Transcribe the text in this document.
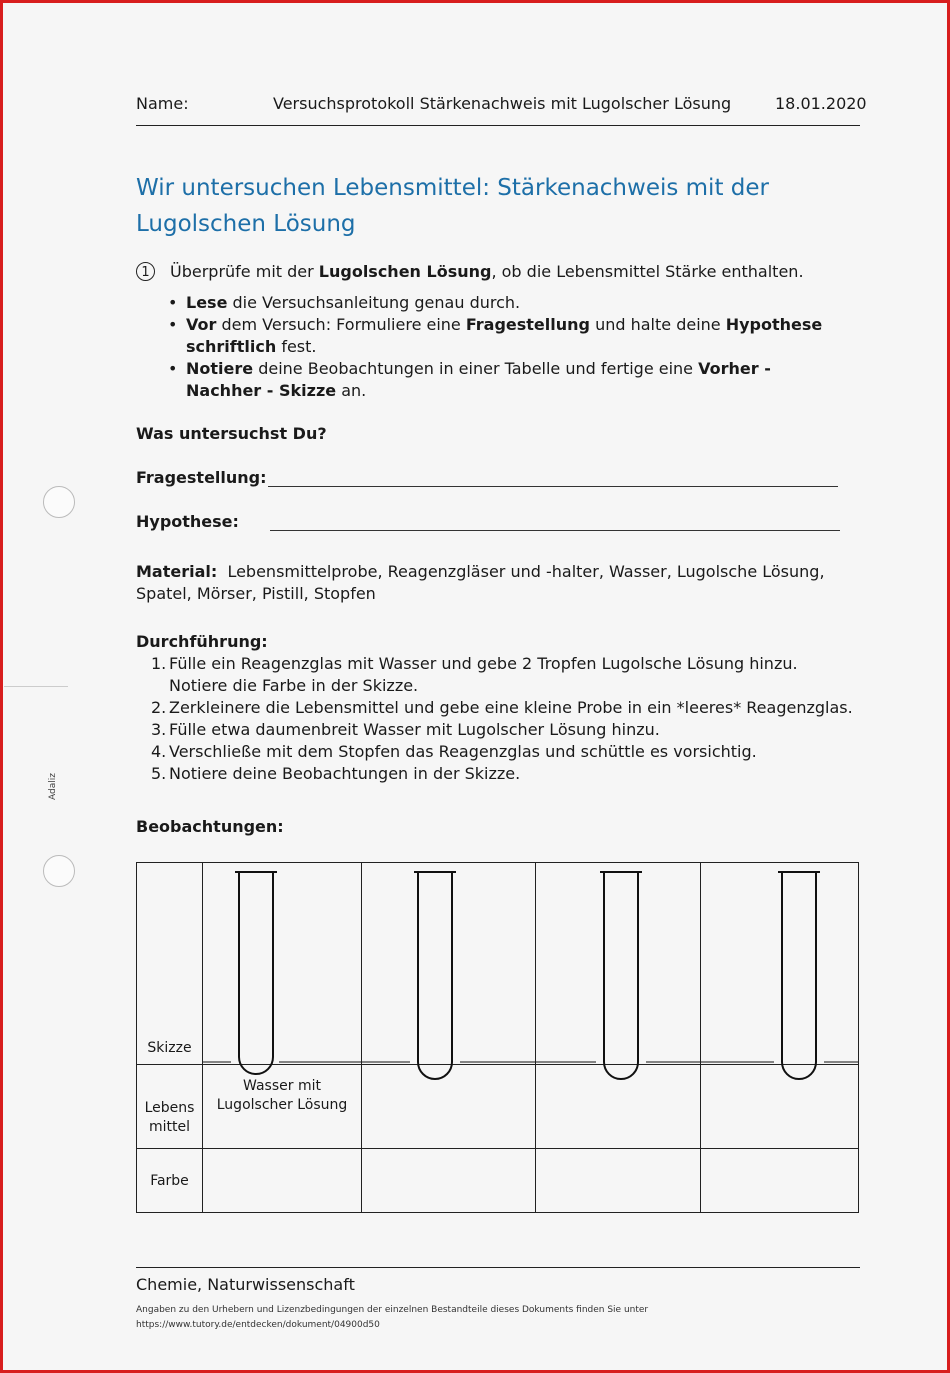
Adaliz
Name:	Versuchsprotokoll Stärkenachweis mit Lugolscher Lösung	18.01.2020
Wir untersuchen Lebensmittel: Stärkenachweis mit der
Lugolschen Lösung
1	Überprüfe mit der Lugolschen Lösung, ob die Lebensmittel Stärke enthalten.
• Lese die Versuchsanleitung genau durch.
• Vor dem Versuch: Formuliere eine Fragestellung und halte deine Hypothese schriftlich fest.
• Notiere deine Beobachtungen in einer Tabelle und fertige eine Vorher - Nachher - Skizze an.
Was untersuchst Du?
Fragestellung:
Hypothese:
Material: Lebensmittelprobe, Reagenzgläser und -halter, Wasser, Lugolsche Lösung, Spatel, Mörser, Pistill, Stopfen
Durchführung:
1. Fülle ein Reagenzglas mit Wasser und gebe 2 Tropfen Lugolsche Lösung hinzu. Notiere die Farbe in der Skizze.
2. Zerkleinere die Lebensmittel und gebe eine kleine Probe in ein *leeres* Reagenzglas.
3. Fülle etwa daumenbreit Wasser mit Lugolscher Lösung hinzu.
4. Verschließe mit dem Stopfen das Reagenzglas und schüttle es vorsichtig.
5. Notiere deine Beobachtungen in der Skizze.
Beobachtungen:
Skizze

Lebens mittel	Wasser mit Lugolscher Lösung			

Farbe				
Chemie, Naturwissenschaft
Angaben zu den Urhebern und Lizenzbedingungen der einzelnen Bestandteile dieses Dokuments finden Sie unter
https://www.tutory.de/entdecken/dokument/04900d50
